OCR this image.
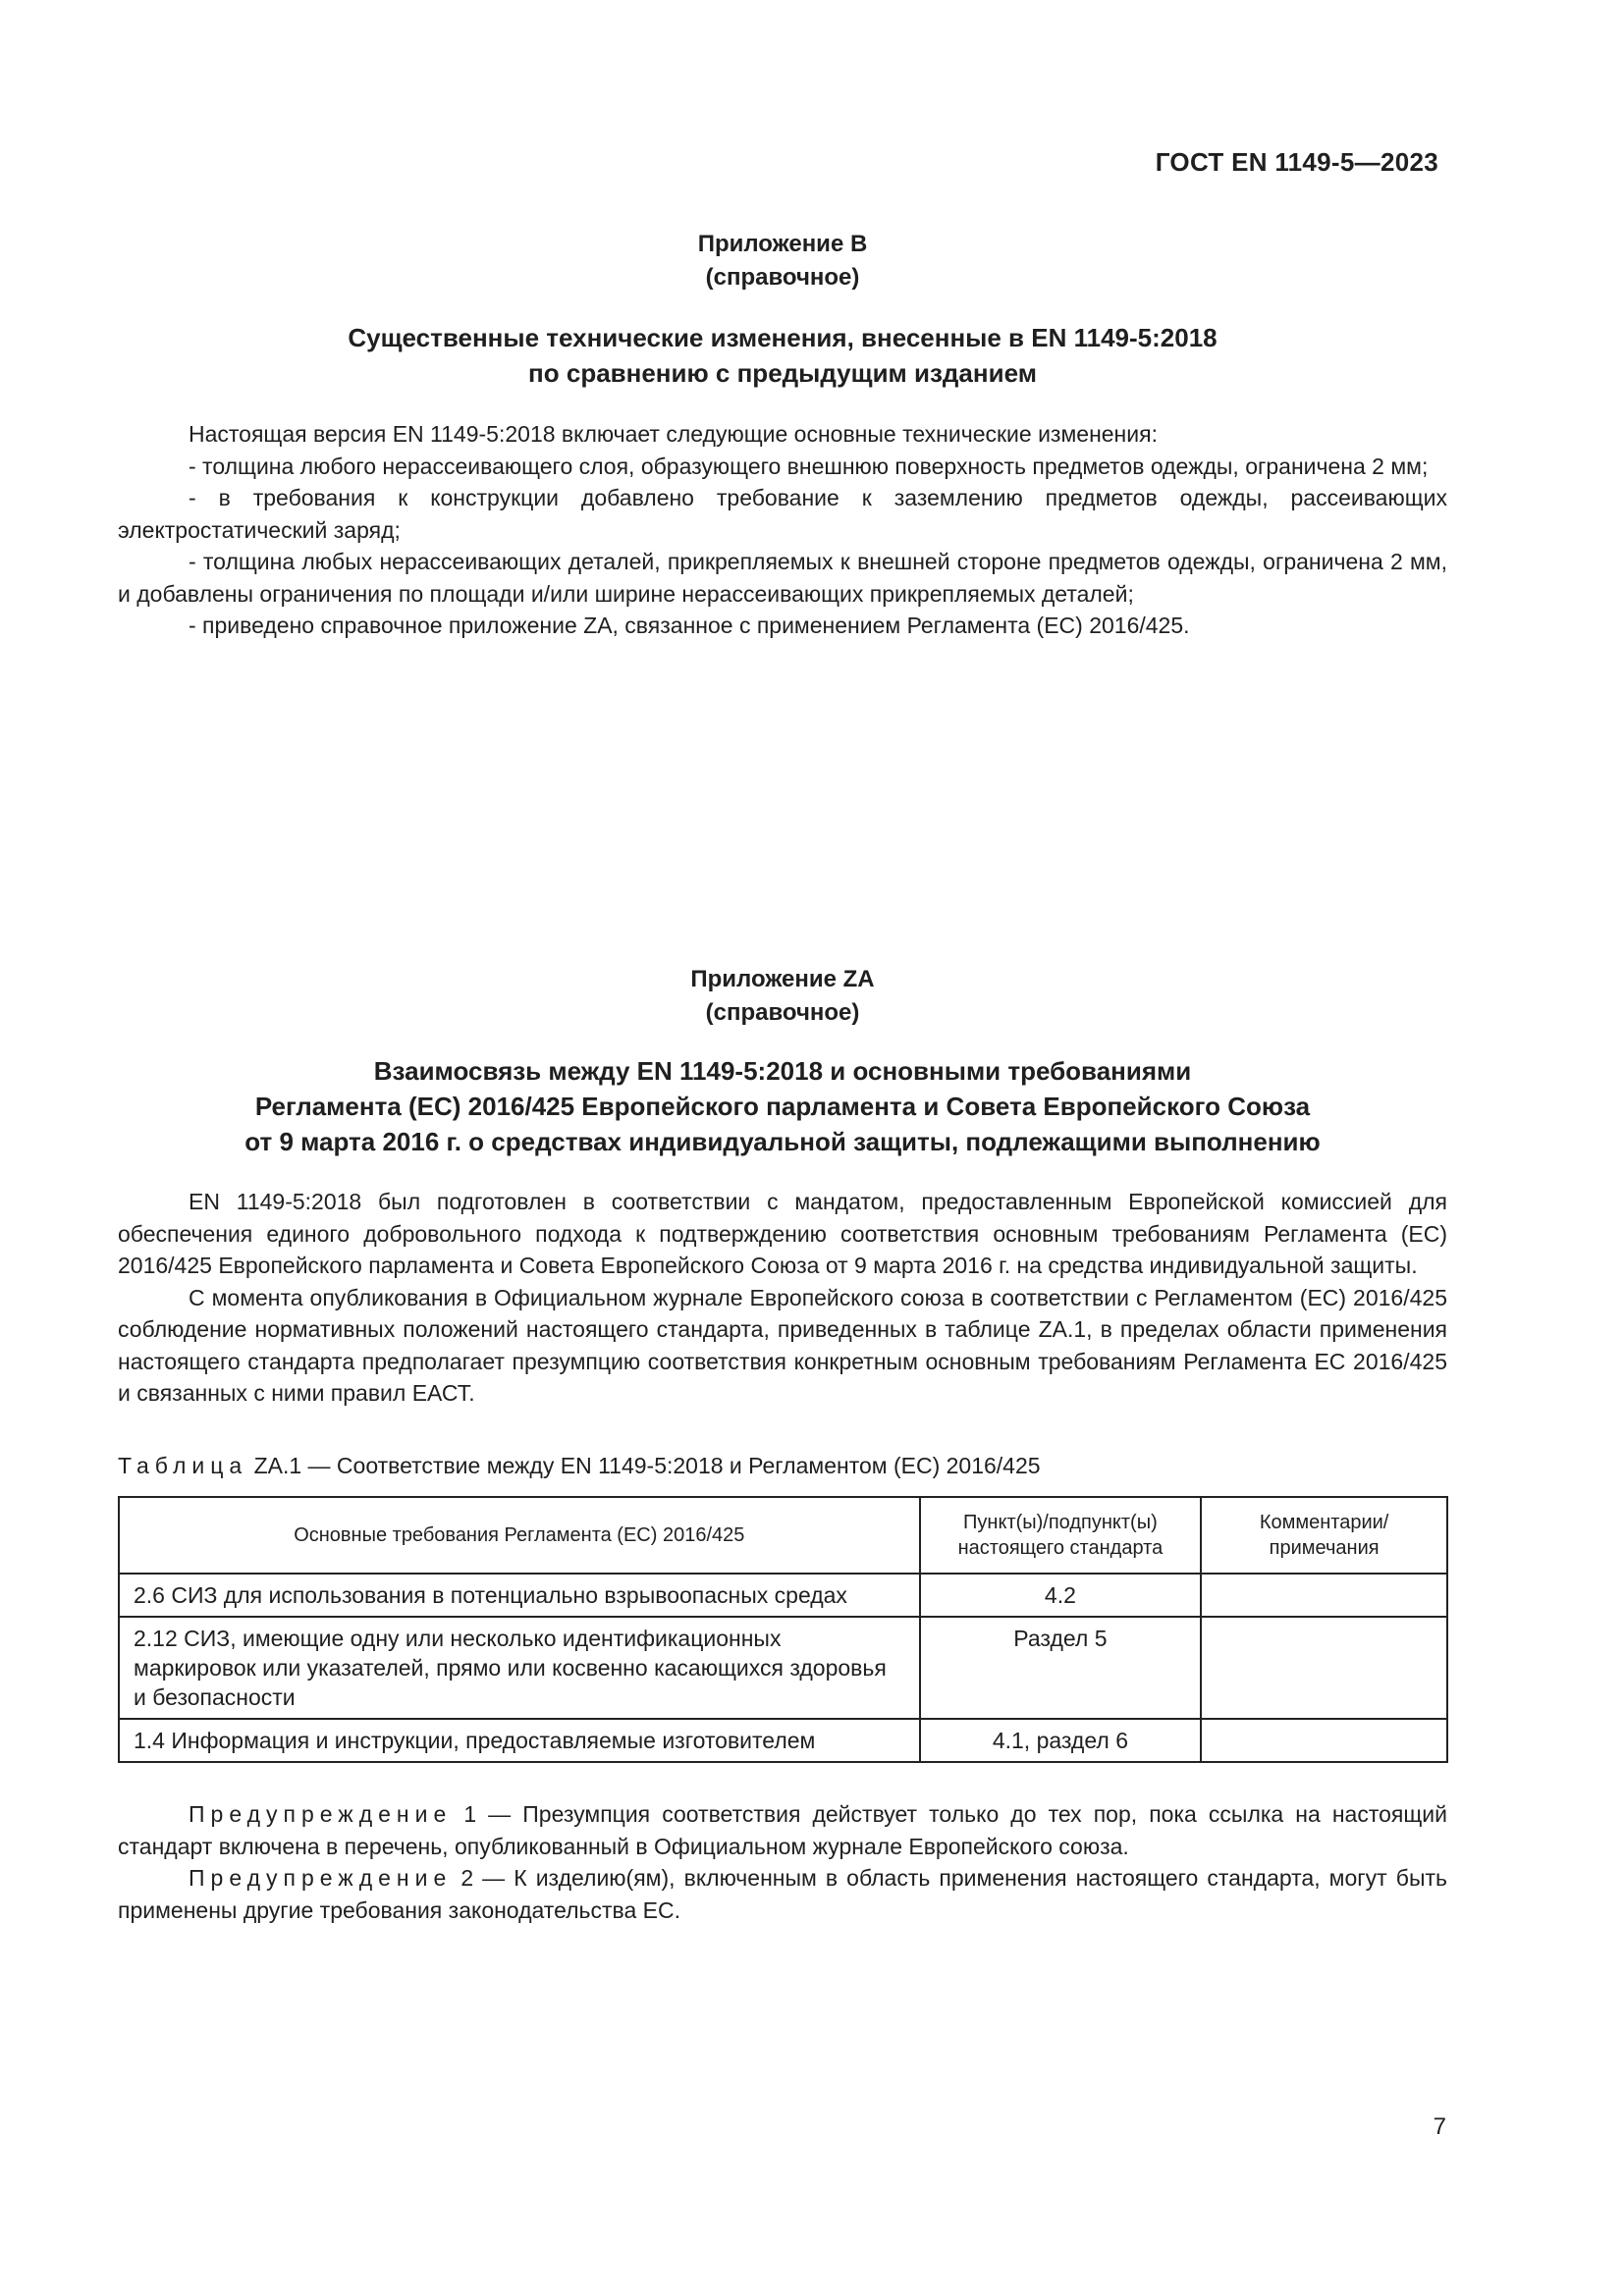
ГОСТ EN 1149-5—2023
Приложение В
(справочное)
Существенные технические изменения, внесенные в EN 1149-5:2018
по сравнению с предыдущим изданием

Настоящая версия EN 1149-5:2018 включает следующие основные технические изменения:

- толщина любого нерассеивающего слоя, образующего внешнюю поверхность предметов одежды, ограничена 2 мм;

- в требования к конструкции добавлено требование к заземлению предметов одежды, рассеивающих электростатический заряд;

- толщина любых нерассеивающих деталей, прикрепляемых к внешней стороне предметов одежды, ограничена 2 мм, и добавлены ограничения по площади и/или ширине нерассеивающих прикрепляемых деталей;

- приведено справочное приложение ZA, связанное с применением Регламента (ЕС) 2016/425.

Приложение ZA
(справочное)
Взаимосвязь между EN 1149-5:2018 и основными требованиями
Регламента (ЕС) 2016/425 Европейского парламента и Совета Европейского Союза
от 9 марта 2016 г. о средствах индивидуальной защиты, подлежащими выполнению

EN 1149-5:2018 был подготовлен в соответствии с мандатом, предоставленным Европейской комиссией для обеспечения единого добровольного подхода к подтверждению соответствия основным требованиям Регламента (ЕС) 2016/425 Европейского парламента и Совета Европейского Союза от 9 марта 2016 г. на средства индивидуальной защиты.

С момента опубликования в Официальном журнале Европейского союза в соответствии с Регламентом (ЕС) 2016/425 соблюдение нормативных положений настоящего стандарта, приведенных в таблице ZA.1, в пределах области применения настоящего стандарта предполагает презумпцию соответствия конкретным основным требованиям Регламента ЕС 2016/425 и связанных с ними правил ЕАСТ.

Таблица ZA.1 — Соответствие между EN 1149-5:2018 и Регламентом (ЕС) 2016/425
Основные требования Регламента (ЕС) 2016/425	Пункт(ы)/подпункт(ы) настоящего стандарта	Комментарии/ примечания
2.6 СИЗ для использования в потенциально взрывоопасных средах	4.2	
2.12 СИЗ, имеющие одну или несколько идентификационных маркировок или указателей, прямо или косвенно касающихся здоровья и безопасности	Раздел 5	
1.4 Информация и инструкции, предоставляемые изготовителем	4.1, раздел 6	

Предупреждение 1 — Презумпция соответствия действует только до тех пор, пока ссылка на настоящий стандарт включена в перечень, опубликованный в Официальном журнале Европейского союза.

Предупреждение 2 — К изделию(ям), включенным в область применения настоящего стандарта, могут быть применены другие требования законодательства ЕС.

7
